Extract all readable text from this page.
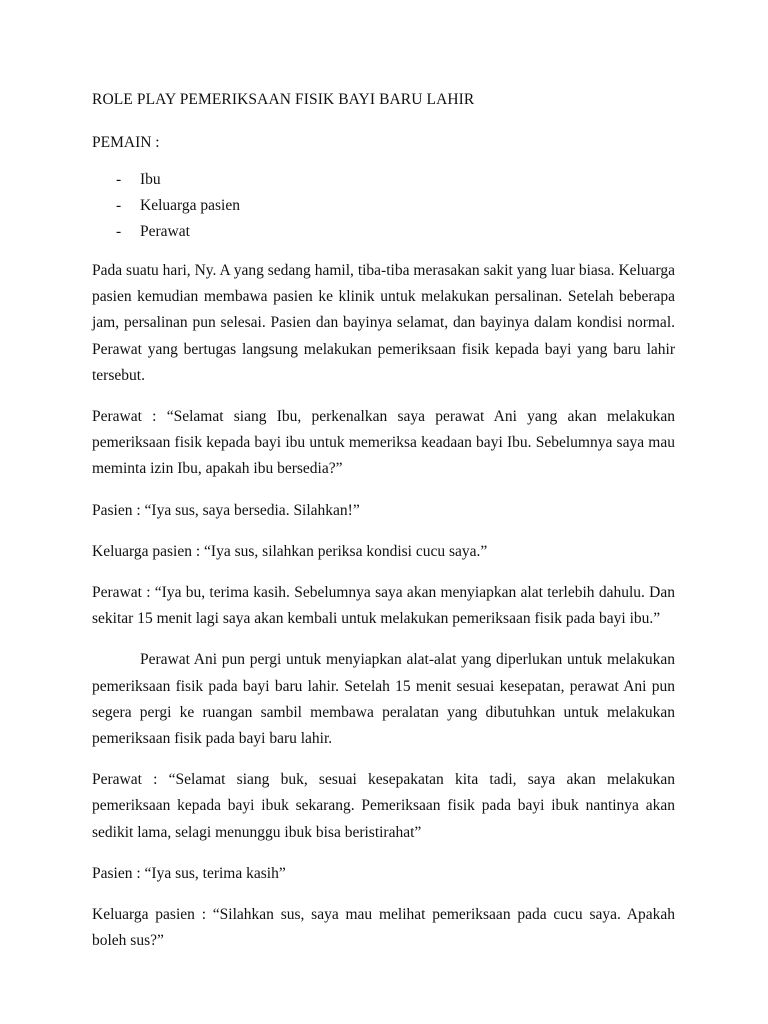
ROLE PLAY PEMERIKSAAN FISIK BAYI BARU LAHIR
PEMAIN :
- Ibu
- Keluarga pasien
- Perawat

Pada suatu hari, Ny. A yang sedang hamil, tiba-tiba merasakan sakit yang luar biasa. Keluarga pasien kemudian membawa pasien ke klinik untuk melakukan persalinan. Setelah beberapa jam, persalinan pun selesai. Pasien dan bayinya selamat, dan bayinya dalam kondisi normal. Perawat yang bertugas langsung melakukan pemeriksaan fisik kepada bayi yang baru lahir tersebut.

Perawat : “Selamat siang Ibu, perkenalkan saya perawat Ani yang akan melakukan pemeriksaan fisik kepada bayi ibu untuk memeriksa keadaan bayi Ibu. Sebelumnya saya mau meminta izin Ibu, apakah ibu bersedia?”

Pasien : “Iya sus, saya bersedia. Silahkan!”

Keluarga pasien : “Iya sus, silahkan periksa kondisi cucu saya.”

Perawat : “Iya bu, terima kasih. Sebelumnya saya akan menyiapkan alat terlebih dahulu. Dan sekitar 15 menit lagi saya akan kembali untuk melakukan pemeriksaan fisik pada bayi ibu.”

Perawat Ani pun pergi untuk menyiapkan alat-alat yang diperlukan untuk melakukan pemeriksaan fisik pada bayi baru lahir. Setelah 15 menit sesuai kesepatan, perawat Ani pun segera pergi ke ruangan sambil membawa peralatan yang dibutuhkan untuk melakukan pemeriksaan fisik pada bayi baru lahir.

Perawat : “Selamat siang buk, sesuai kesepakatan kita tadi, saya akan melakukan pemeriksaan kepada bayi ibuk sekarang. Pemeriksaan fisik pada bayi ibuk nantinya akan sedikit lama, selagi menunggu ibuk bisa beristirahat”

Pasien : “Iya sus, terima kasih”

Keluarga pasien : “Silahkan sus, saya mau melihat pemeriksaan pada cucu saya. Apakah boleh sus?”
